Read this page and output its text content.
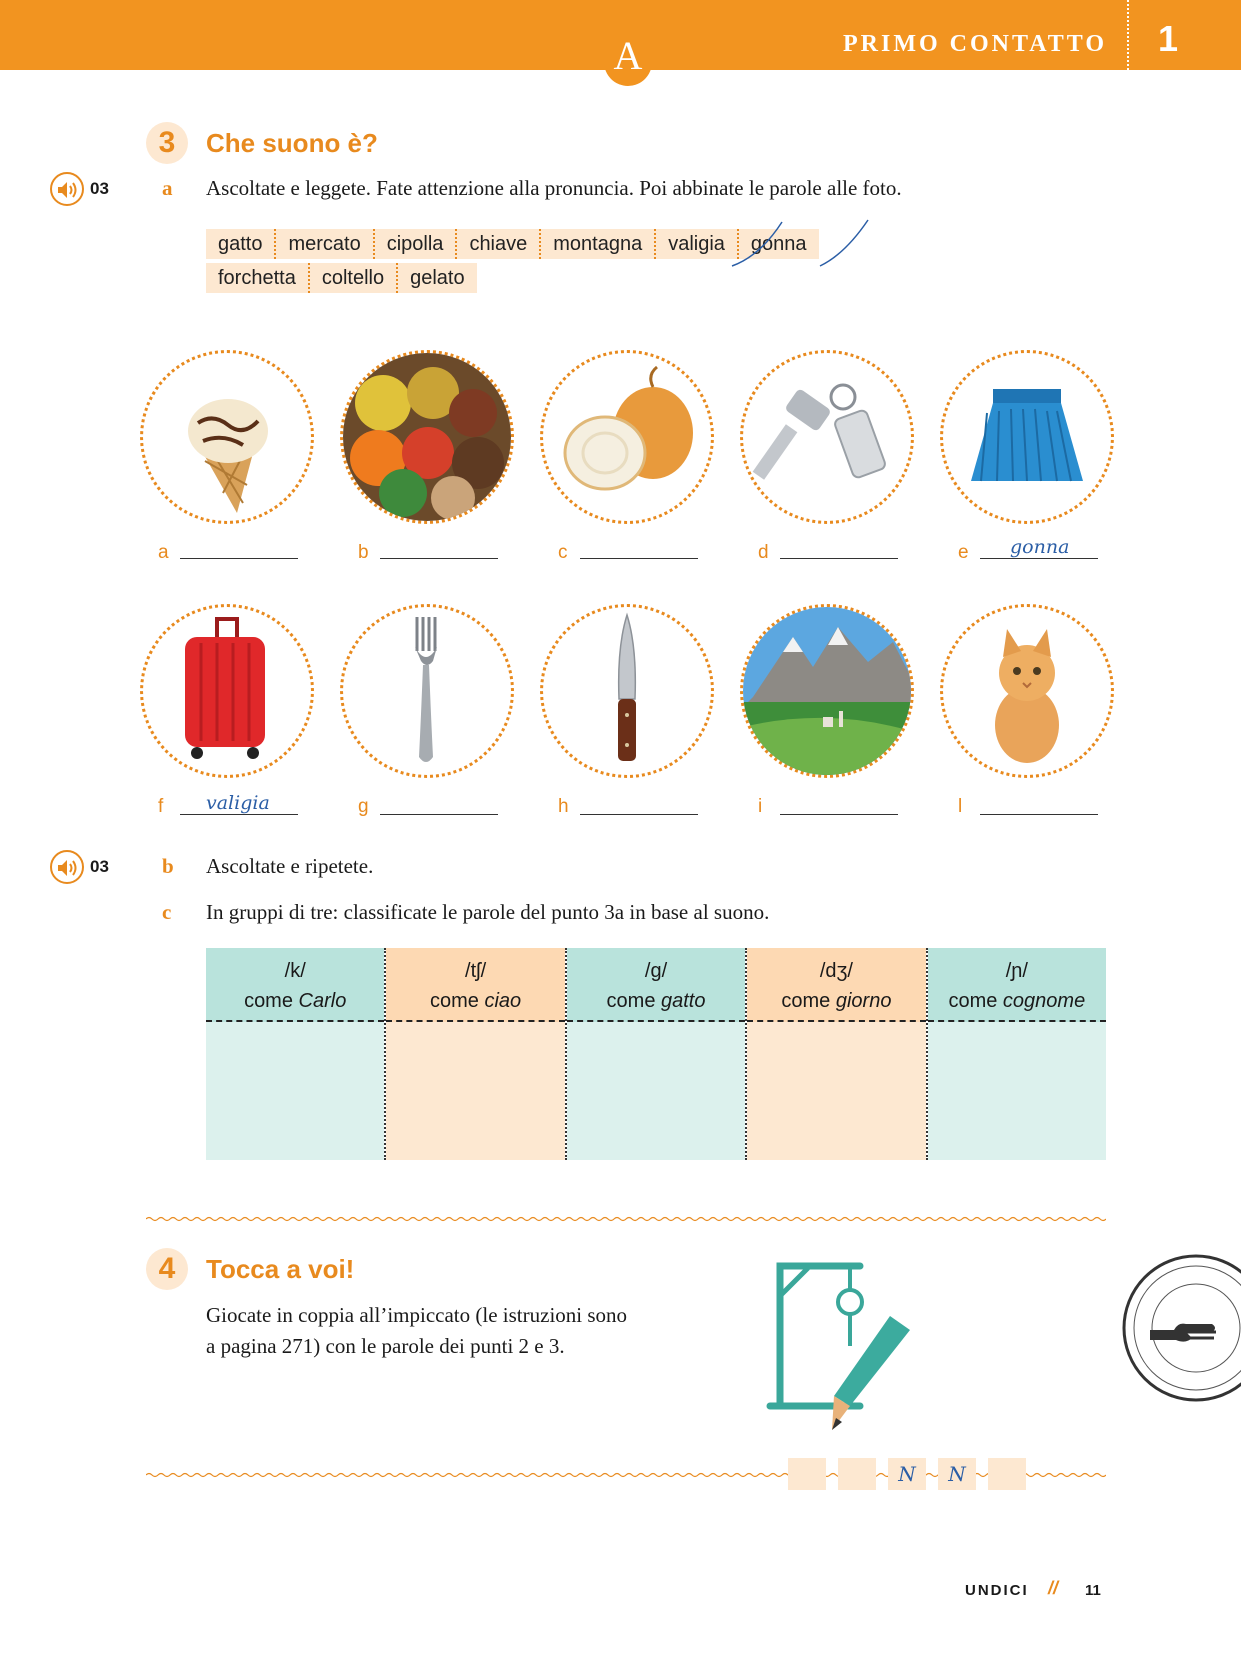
A	PRIMO CONTATTO 1
3	Che suono è?
03	a Ascoltate e leggete. Fate attenzione alla pronuncia. Poi abbinate le parole alle foto.
gatto	mercato	cipolla	chiave	montagna	valigia	gonna
forchetta	coltello	gelato
a	b	c	d	e gonna
f valigia	g	h	i	l
03	b Ascoltate e ripetete.
c In gruppi di tre: classificate le parole del punto 3a in base al suono.
/k/
come Carlo
/tʃ/
come ciao
/g/
come gatto
/dʒ/
come giorno
/ɲ/
come cognome
4	Tocca a voi!
Giocate in coppia all’impiccato (le istruzioni sono
a pagina 271) con le parole dei punti 2 e 3.
N	N
UNDICI // 11
